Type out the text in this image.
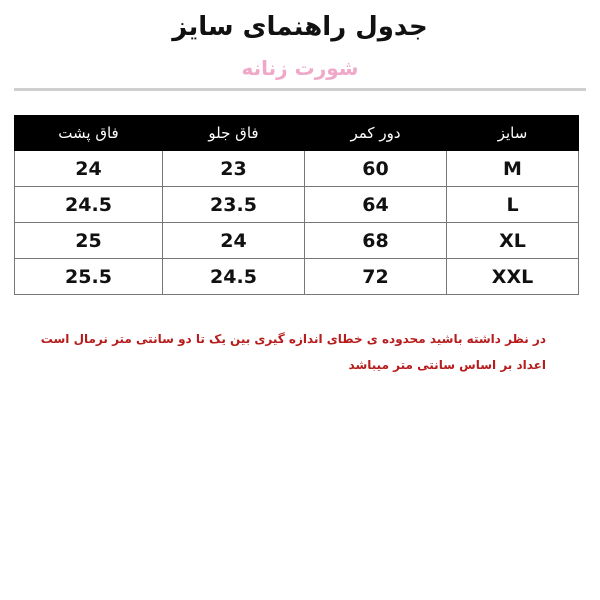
جدول راهنمای سایز
شورت زنانه
سایز	دور کمر	فاق جلو	فاق پشت
M	60	23	24
L	64	23.5	24.5
XL	68	24	25
XXL	72	24.5	25.5
در نظر داشته باشید محدوده ی خطای اندازه گیری بین یک تا دو سانتی متر نرمال است
اعداد بر اساس سانتی متر میباشد
